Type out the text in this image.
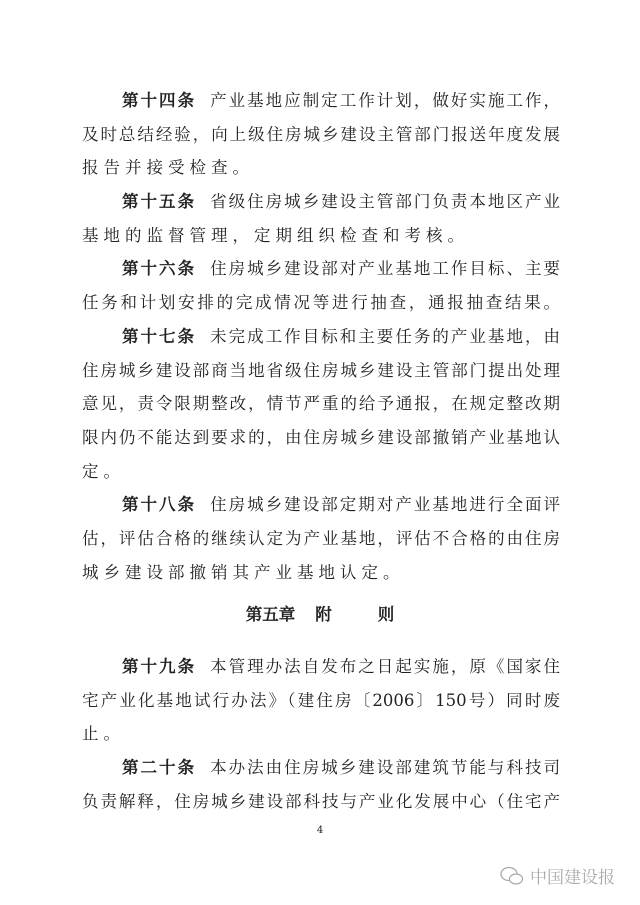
第十四条 产业基地应制定工作计划，做好实施工作，
及时总结经验，向上级住房城乡建设主管部门报送年度发展
报告并接受检查。
第十五条 省级住房城乡建设主管部门负责本地区产业
基地的监督管理，定期组织检查和考核。
第十六条 住房城乡建设部对产业基地工作目标、主要
任务和计划安排的完成情况等进行抽查，通报抽查结果。
第十七条 未完成工作目标和主要任务的产业基地，由
住房城乡建设部商当地省级住房城乡建设主管部门提出处理
意见，责令限期整改，情节严重的给予通报，在规定整改期
限内仍不能达到要求的，由住房城乡建设部撤销产业基地认
定。
第十八条 住房城乡建设部定期对产业基地进行全面评
估，评估合格的继续认定为产业基地，评估不合格的由住房
城乡建设部撤销其产业基地认定。
第五章 附	则
第十九条 本管理办法自发布之日起实施，原《国家住
宅产业化基地试行办法》（建住房〔2006〕150号）同时废
止。
第二十条 本办法由住房城乡建设部建筑节能与科技司
负责解释，住房城乡建设部科技与产业化发展中心（住宅产
4
中国建设报
